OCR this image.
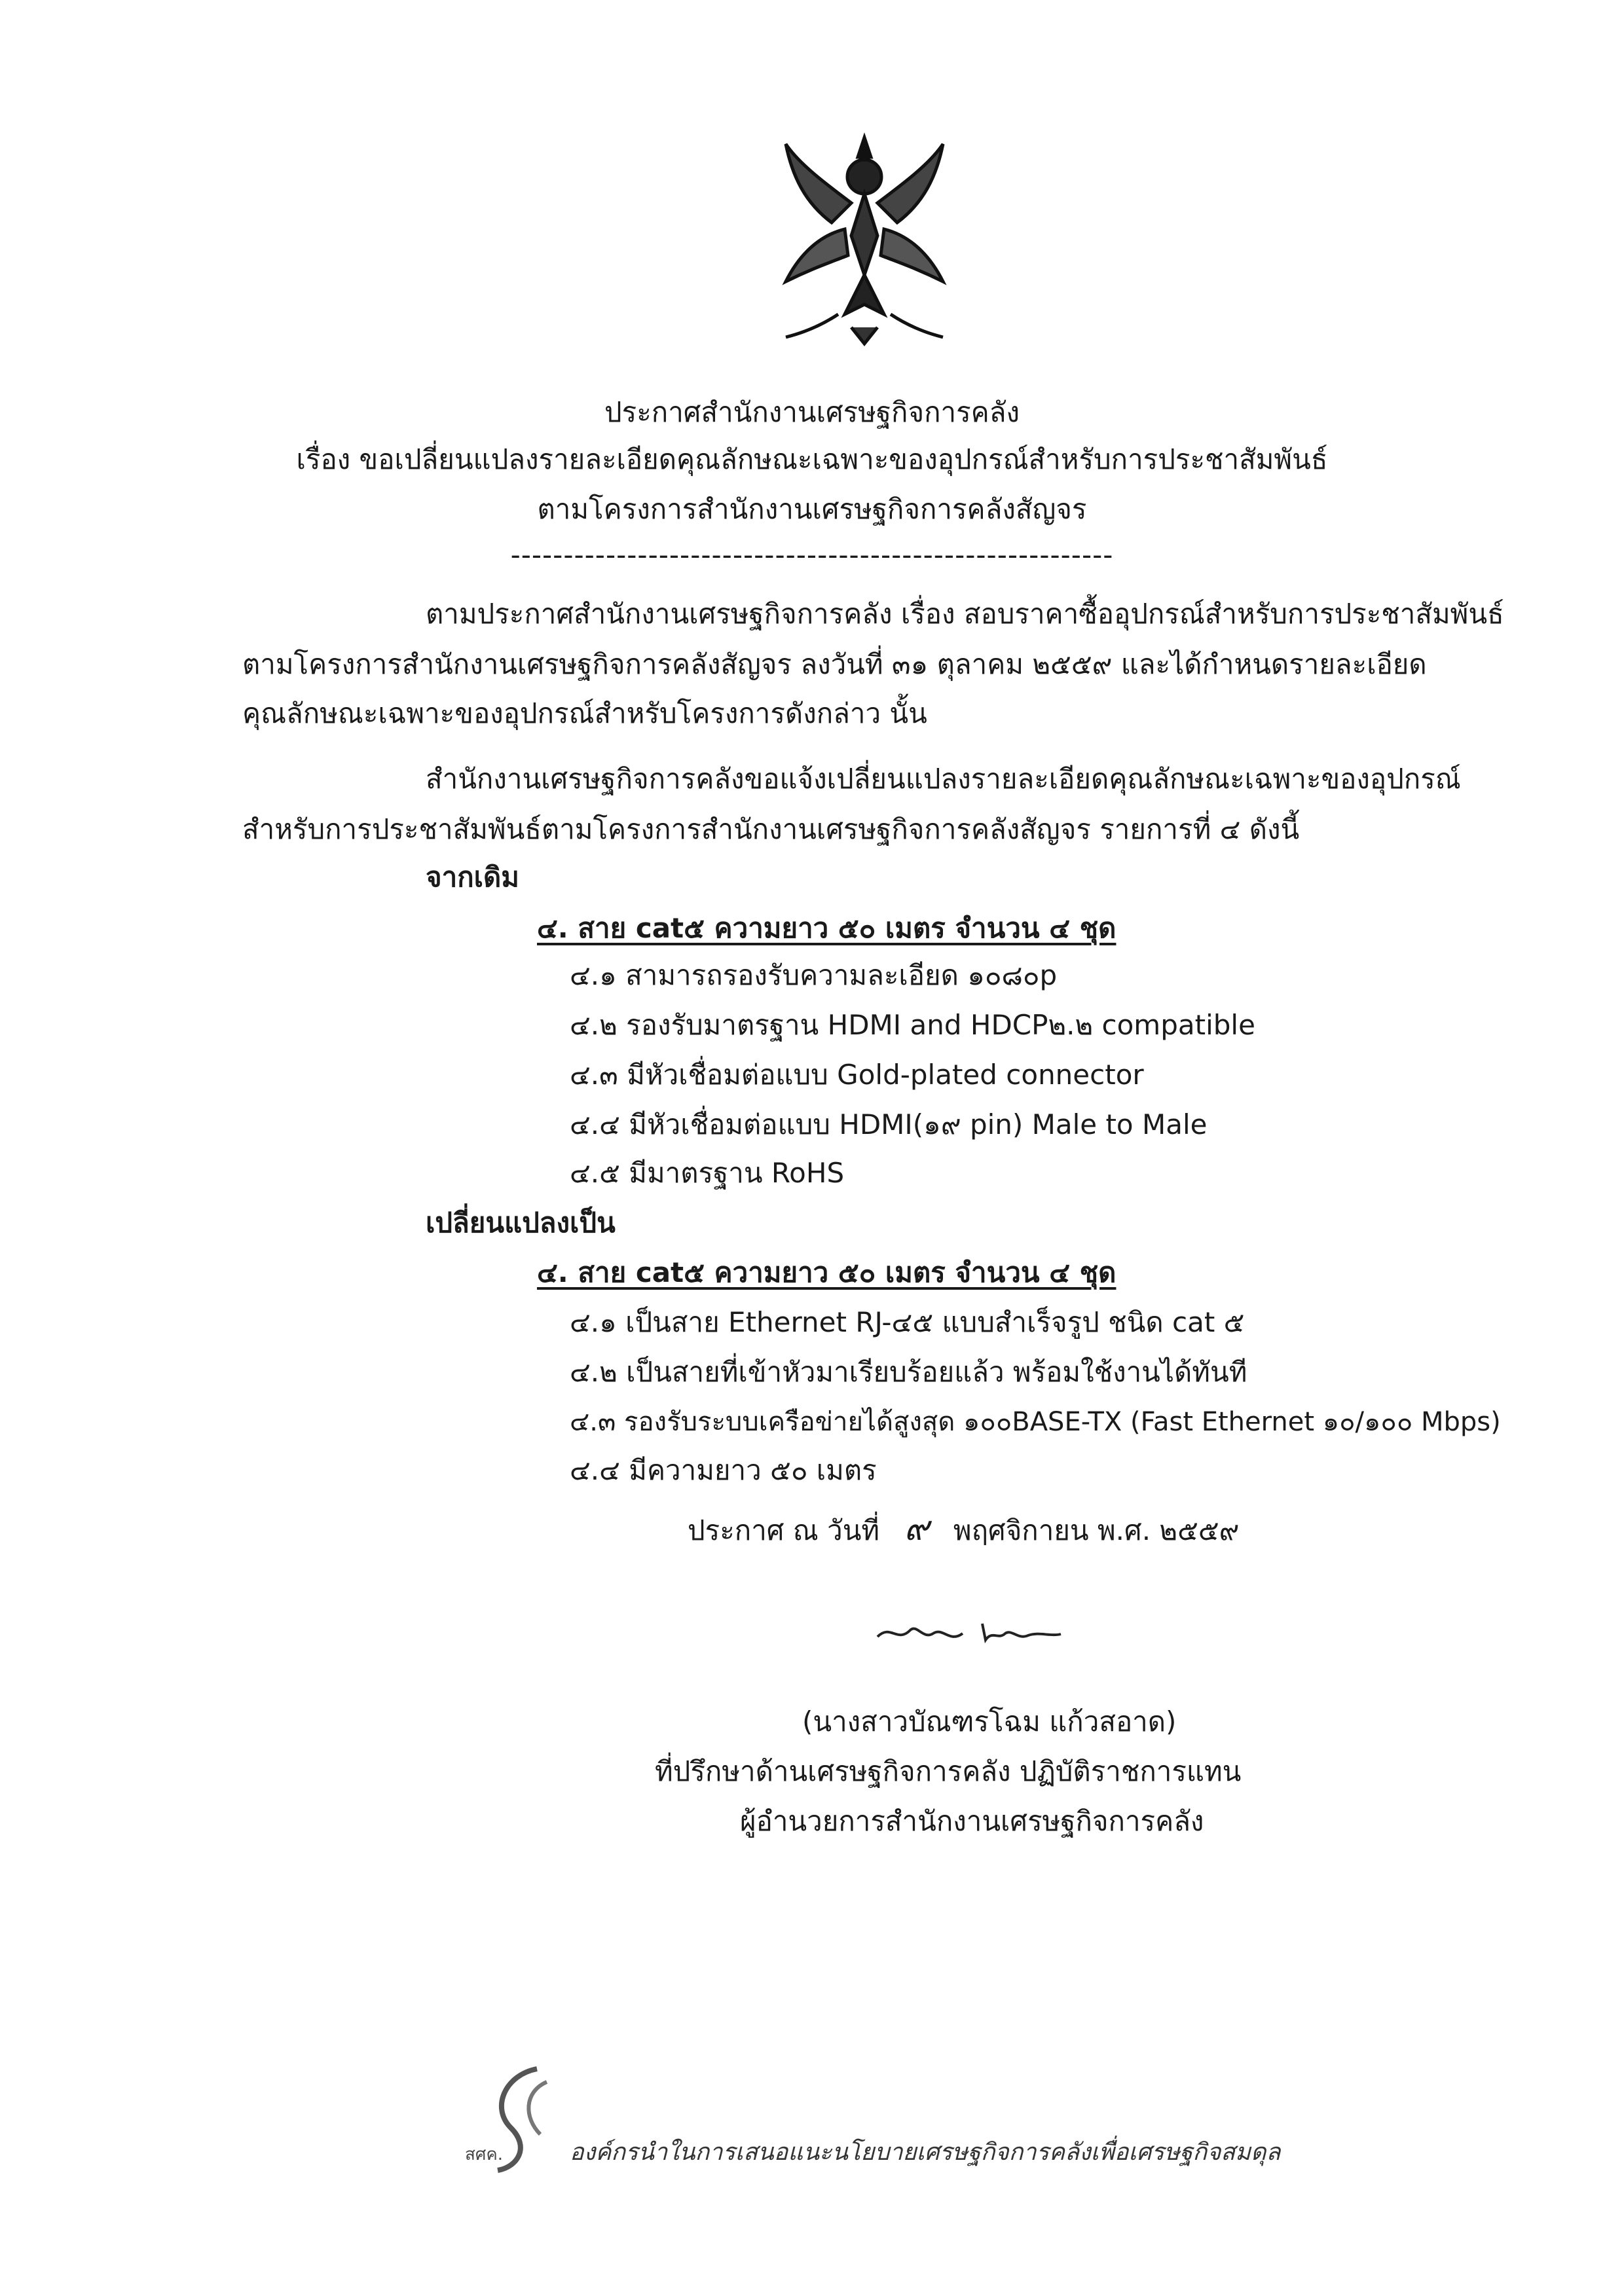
ประกาศสำนักงานเศรษฐกิจการคลัง
เรื่อง ขอเปลี่ยนแปลงรายละเอียดคุณลักษณะเฉพาะของอุปกรณ์สำหรับการประชาสัมพันธ์
ตามโครงการสำนักงานเศรษฐกิจการคลังสัญจร
---------------------------------------------------------
ตามประกาศสำนักงานเศรษฐกิจการคลัง เรื่อง สอบราคาซื้ออุปกรณ์สำหรับการประชาสัมพันธ์
ตามโครงการสำนักงานเศรษฐกิจการคลังสัญจร ลงวันที่ ๓๑ ตุลาคม ๒๕๕๙ และได้กำหนดรายละเอียด
คุณลักษณะเฉพาะของอุปกรณ์สำหรับโครงการดังกล่าว นั้น
สำนักงานเศรษฐกิจการคลังขอแจ้งเปลี่ยนแปลงรายละเอียดคุณลักษณะเฉพาะของอุปกรณ์
สำหรับการประชาสัมพันธ์ตามโครงการสำนักงานเศรษฐกิจการคลังสัญจร รายการที่ ๔ ดังนี้
จากเดิม
๔. สาย cat๕ ความยาว ๕๐ เมตร จำนวน ๔ ชุด
๔.๑ สามารถรองรับความละเอียด ๑๐๘๐p
๔.๒ รองรับมาตรฐาน HDMI and HDCP๒.๒ compatible
๔.๓ มีหัวเชื่อมต่อแบบ Gold-plated connector
๔.๔ มีหัวเชื่อมต่อแบบ HDMI(๑๙ pin) Male to Male
๔.๕ มีมาตรฐาน RoHS
เปลี่ยนแปลงเป็น
๔. สาย cat๕ ความยาว ๕๐ เมตร จำนวน ๔ ชุด
๔.๑ เป็นสาย Ethernet RJ-๔๕ แบบสำเร็จรูป ชนิด cat ๕
๔.๒ เป็นสายที่เข้าหัวมาเรียบร้อยแล้ว พร้อมใช้งานได้ทันที
๔.๓ รองรับระบบเครือข่ายได้สูงสุด ๑๐๐BASE-TX (Fast Ethernet ๑๐/๑๐๐ Mbps)
๔.๔ มีความยาว ๕๐ เมตร
ประกาศ ณ วันที่ ๙ พฤศจิกายน พ.ศ. ๒๕๕๙
(นางสาวบัณฑรโฉม แก้วสอาด)
ที่ปรึกษาด้านเศรษฐกิจการคลัง ปฏิบัติราชการแทน
ผู้อำนวยการสำนักงานเศรษฐกิจการคลัง
สศค.	องค์กรนำในการเสนอแนะนโยบายเศรษฐกิจการคลังเพื่อเศรษฐกิจสมดุล
